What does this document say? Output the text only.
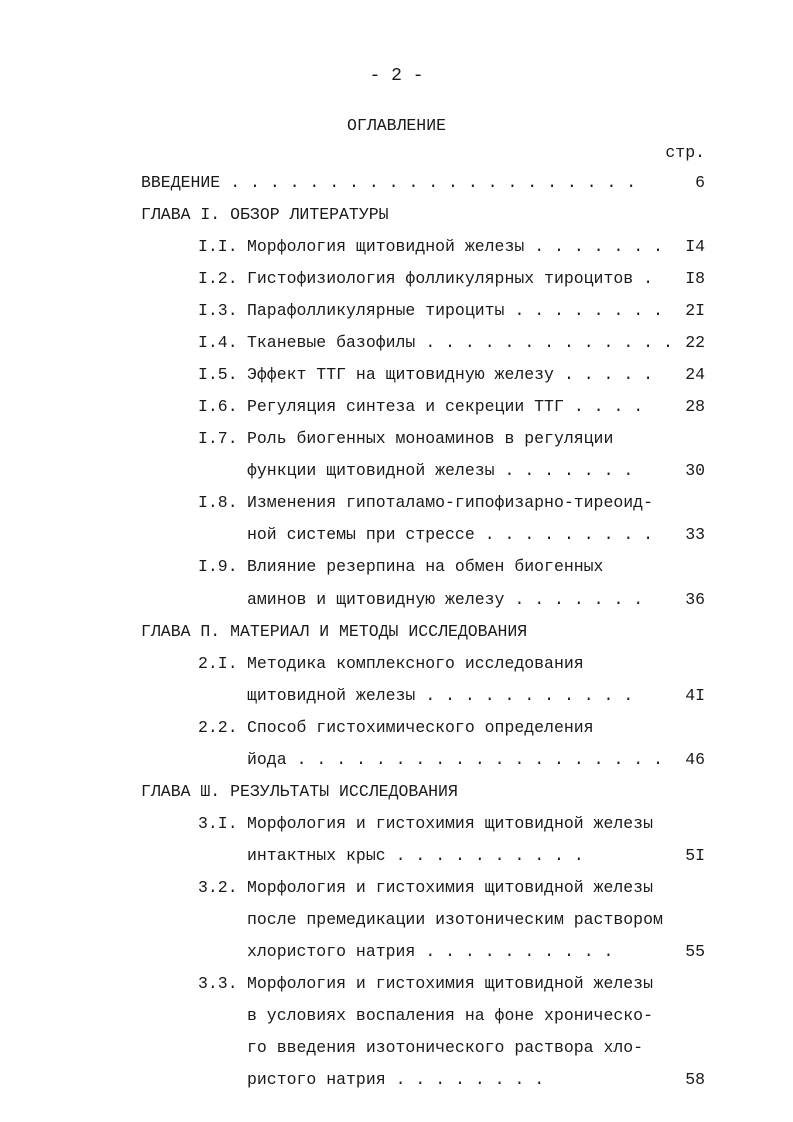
- 2 -
ОГЛАВЛЕНИЕ
стр.
ВВЕДЕНИЕ . . . . . . . . . . . . . . . . . . . . .	6
ГЛАВА I. ОБЗОР ЛИТЕРАТУРЫ
I.I. Морфология щитовидной железы . . . . . . . I4
I.2. Гистофизиология фолликулярных тироцитов . I8
I.3. Парафолликулярные тироциты . . . . . . . . 2I
I.4. Тканевые базофилы . . . . . . . . . . . . . 22
I.5. Эффект ТТГ на щитовидную железу . . . . . 24
I.6. Регуляция синтеза и секреции ТТГ . . . .	28
I.7. Роль биогенных моноаминов в регуляции
функции щитовидной железы . . . . . . .	30
I.8. Изменения гипоталамо-гипофизарно-тиреоид-
ной системы при стрессе . . . . . . . . . 33
I.9. Влияние резерпина на обмен биогенных
аминов и щитовидную железу . . . . . . .	36
ГЛАВА П. МАТЕРИАЛ И МЕТОДЫ ИССЛЕДОВАНИЯ
2.I. Методика комплексного исследования
щитовидной железы . . . . . . . . . . .	4I
2.2. Способ гистохимического определения
йода . . . . . . . . . . . . . . . . . . . 46
ГЛАВА Ш. РЕЗУЛЬТАТЫ ИССЛЕДОВАНИЯ
3.I. Морфология и гистохимия щитовидной железы
интактных крыс . . . . . . . . . .	5I
3.2. Морфология и гистохимия щитовидной железы
после премедикации изотоническим раствором
хлористого натрия . . . . . . . . . .	55
3.3. Морфология и гистохимия щитовидной железы
в условиях воспаления на фоне хроническо-
го введения изотонического раствора хло-
ристого натрия . . . . . . . .	58
